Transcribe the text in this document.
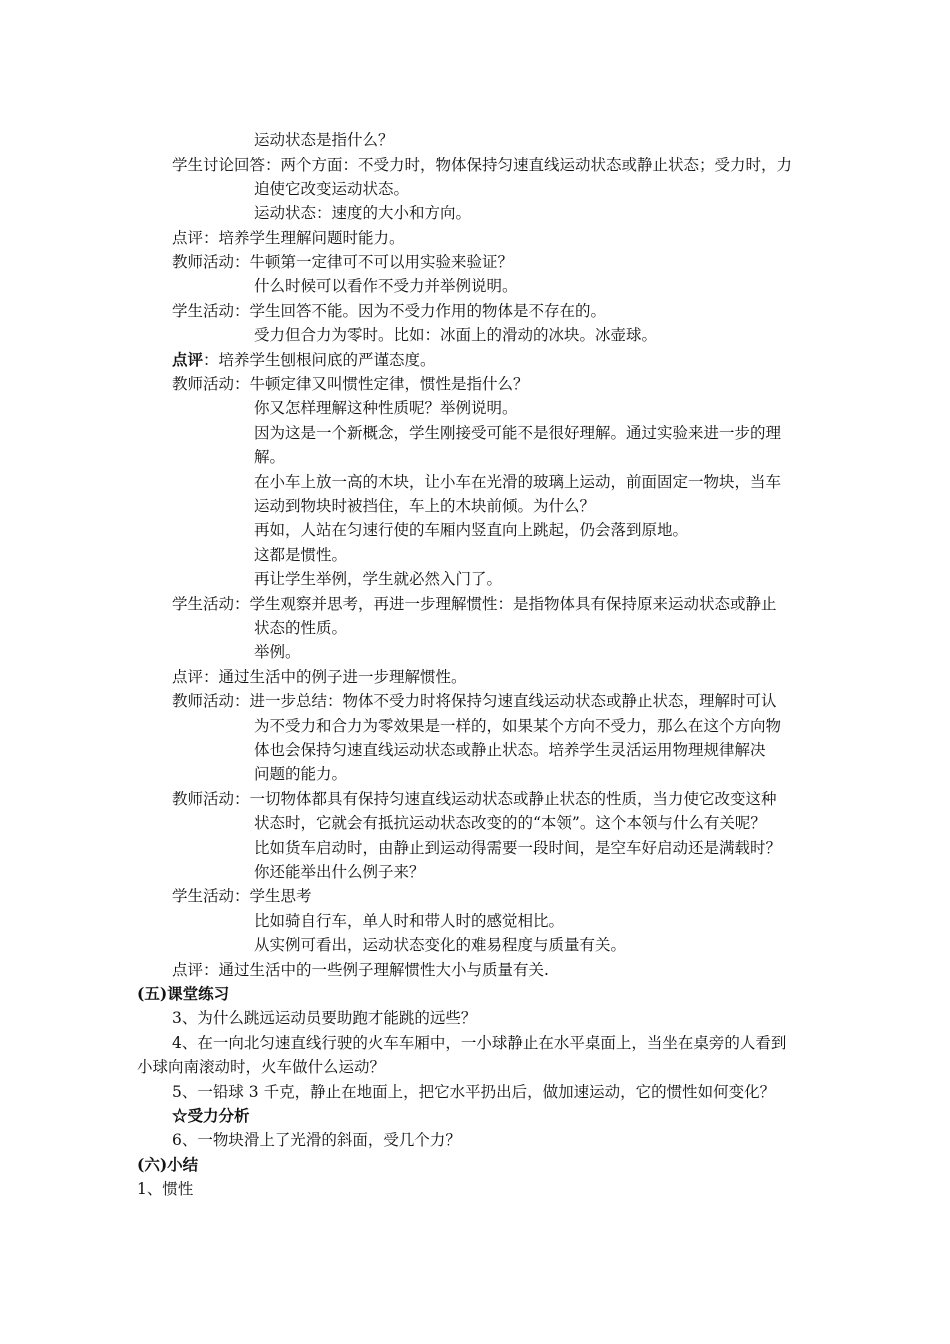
运动状态是指什么？
学生讨论回答：两个方面：不受力时，物体保持匀速直线运动状态或静止状态；受力时，力
迫使它改变运动状态。
运动状态：速度的大小和方向。
点评：培养学生理解问题时能力。
教师活动：牛顿第一定律可不可以用实验来验证？
什么时候可以看作不受力并举例说明。
学生活动：学生回答不能。因为不受力作用的物体是不存在的。
受力但合力为零时。比如：冰面上的滑动的冰块。冰壶球。
点评：培养学生刨根问底的严谨态度。
教师活动：牛顿定律又叫惯性定律，惯性是指什么？
你又怎样理解这种性质呢？举例说明。
因为这是一个新概念，学生刚接受可能不是很好理解。通过实验来进一步的理
解。
在小车上放一高的木块，让小车在光滑的玻璃上运动，前面固定一物块，当车
运动到物块时被挡住，车上的木块前倾。为什么？
再如，人站在匀速行使的车厢内竖直向上跳起，仍会落到原地。
这都是惯性。
再让学生举例，学生就必然入门了。
学生活动：学生观察并思考，再进一步理解惯性：是指物体具有保持原来运动状态或静止
状态的性质。
举例。
点评：通过生活中的例子进一步理解惯性。
教师活动：进一步总结：物体不受力时将保持匀速直线运动状态或静止状态，理解时可认
为不受力和合力为零效果是一样的，如果某个方向不受力，那么在这个方向物
体也会保持匀速直线运动状态或静止状态。培养学生灵活运用物理规律解决
问题的能力。
教师活动：一切物体都具有保持匀速直线运动状态或静止状态的性质，当力使它改变这种
状态时，它就会有抵抗运动状态改变的的“本领”。这个本领与什么有关呢？
比如货车启动时，由静止到运动得需要一段时间，是空车好启动还是满载时？
你还能举出什么例子来？
学生活动：学生思考
比如骑自行车，单人时和带人时的感觉相比。
从实例可看出，运动状态变化的难易程度与质量有关。
点评：通过生活中的一些例子理解惯性大小与质量有关.
(五)课堂练习
3、为什么跳远运动员要助跑才能跳的远些？
4、在一向北匀速直线行驶的火车车厢中，一小球静止在水平桌面上，当坐在桌旁的人看到
小球向南滚动时，火车做什么运动？
5、一铅球 3 千克，静止在地面上，把它水平扔出后，做加速运动，它的惯性如何变化？
☆受力分析
6、一物块滑上了光滑的斜面，受几个力？
(六)小结
1、惯性
